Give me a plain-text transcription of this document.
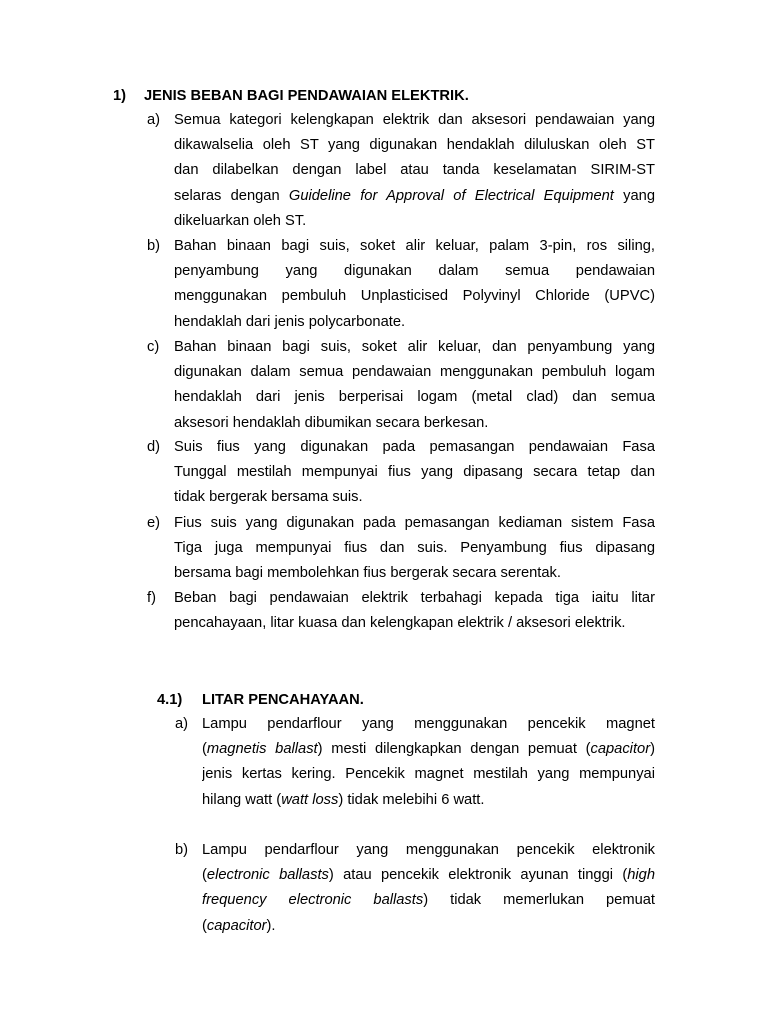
1) JENIS BEBAN BAGI PENDAWAIAN ELEKTRIK.
a) Semua kategori kelengkapan elektrik dan aksesori pendawaian yang
dikawalselia oleh ST yang digunakan hendaklah diluluskan oleh ST
dan dilabelkan dengan label atau tanda keselamatan SIRIM-ST
selaras dengan Guideline for Approval of Electrical Equipment yang
dikeluarkan oleh ST.
b) Bahan binaan bagi suis, soket alir keluar, palam 3-pin, ros siling,
penyambung yang digunakan dalam semua pendawaian
menggunakan pembuluh Unplasticised Polyvinyl Chloride (UPVC)
hendaklah dari jenis polycarbonate.
c) Bahan binaan bagi suis, soket alir keluar, dan penyambung yang
digunakan dalam semua pendawaian menggunakan pembuluh logam
hendaklah dari jenis berperisai logam (metal clad) dan semua
aksesori hendaklah dibumikan secara berkesan.
d) Suis fius yang digunakan pada pemasangan pendawaian Fasa
Tunggal mestilah mempunyai fius yang dipasang secara tetap dan
tidak bergerak bersama suis.
e) Fius suis yang digunakan pada pemasangan kediaman sistem Fasa
Tiga juga mempunyai fius dan suis. Penyambung fius dipasang
bersama bagi membolehkan fius bergerak secara serentak.
f) Beban bagi pendawaian elektrik terbahagi kepada tiga iaitu litar
pencahayaan, litar kuasa dan kelengkapan elektrik / aksesori elektrik.
4.1) LITAR PENCAHAYAAN.
a) Lampu pendarflour yang menggunakan pencekik magnet
(magnetis ballast) mesti dilengkapkan dengan pemuat (capacitor)
jenis kertas kering. Pencekik magnet mestilah yang mempunyai
hilang watt (watt loss) tidak melebihi 6 watt.
b) Lampu pendarflour yang menggunakan pencekik elektronik
(electronic ballasts) atau pencekik elektronik ayunan tinggi (high
frequency electronic ballasts) tidak memerlukan pemuat
(capacitor).
